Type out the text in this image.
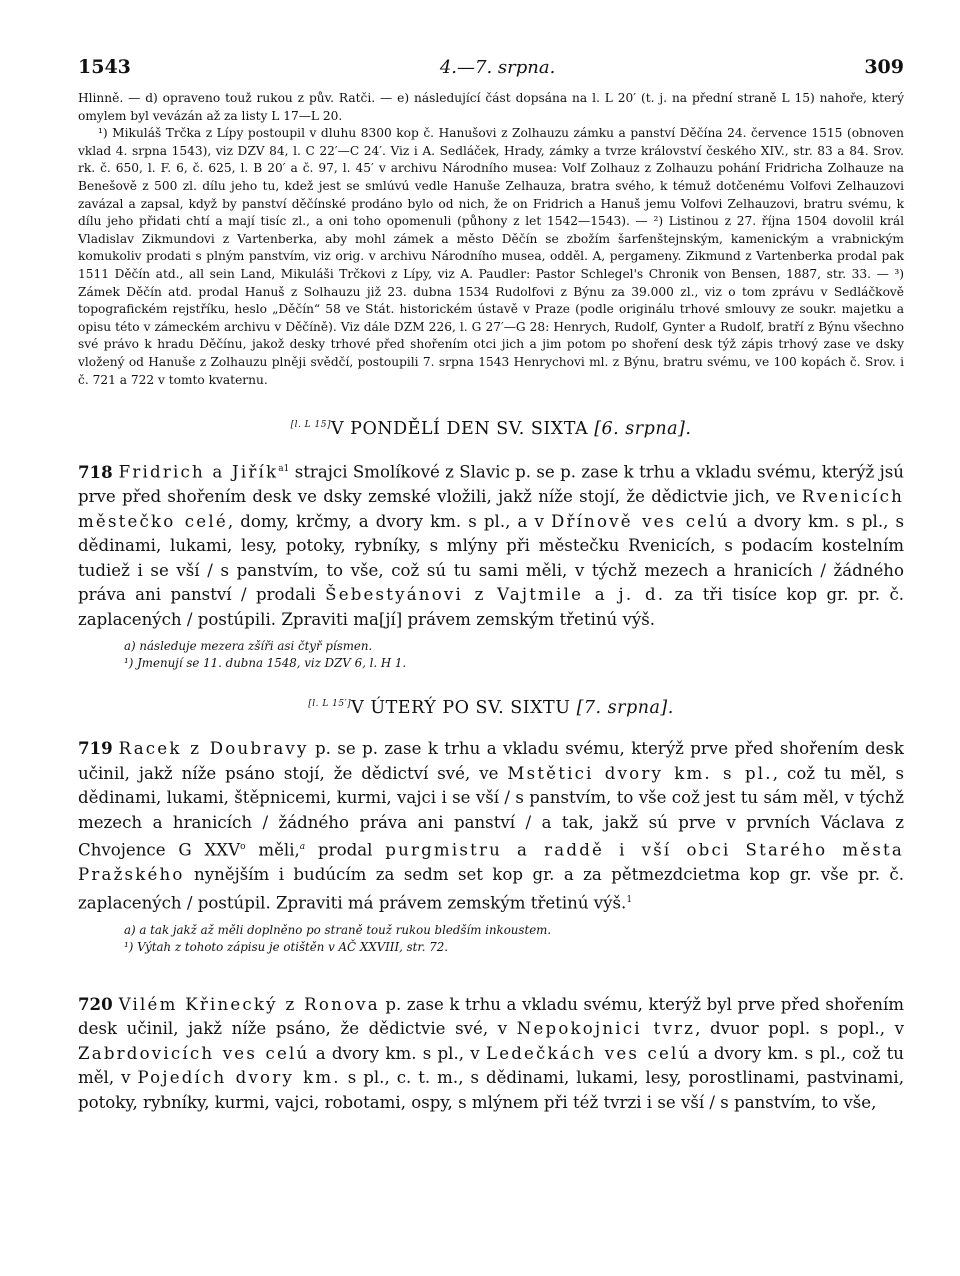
1543	4.—7. srpna.	309

Hlinně. — d) opraveno touž rukou z pův. Ratči. — e) následující část dopsána na l. L 20′ (t. j. na přední straně L 15) nahoře, který omylem byl vevázán až za listy L 17—L 20.

¹) Mikuláš Trčka z Lípy postoupil v dluhu 8300 kop č. Hanušovi z Zolhauzu zámku a panství Děčína 24. července 1515 (obnoven vklad 4. srpna 1543), viz DZV 84, l. C 22′—C 24′. Viz i A. Sedláček, Hrady, zámky a tvrze království českého XIV., str. 83 a 84. Srov. rk. č. 650, l. F. 6, č. 625, l. B 20′ a č. 97, l. 45′ v archivu Národního musea: Volf Zolhauz z Zolhauzu pohání Fridricha Zolhauze na Benešově z 500 zl. dílu jeho tu, kdež jest se smlúvú vedle Hanuše Zelhauza, bratra svého, k témuž dotčenému Volfovi Zelhauzovi zavázal a zapsal, když by panství děčínské prodáno bylo od nich, že on Fridrich a Hanuš jemu Volfovi Zelhauzovi, bratru svému, k dílu jeho přidati chtí a mají tisíc zl., a oni toho opomenuli (půhony z let 1542—1543). — ²) Listinou z 27. října 1504 dovolil král Vladislav Zikmundovi z Vartenberka, aby mohl zámek a město Děčín se zbožím šarfenštejnským, kamenickým a vrabnickým komukoliv prodati s plným panstvím, viz orig. v archivu Národního musea, odděl. A, pergameny. Zikmund z Vartenberka prodal pak 1511 Děčín atd., all sein Land, Mikuláši Trčkovi z Lípy, viz A. Paudler: Pastor Schlegel's Chronik von Bensen, 1887, str. 33. — ³) Zámek Děčín atd. prodal Hanuš z Solhauzu již 23. dubna 1534 Rudolfovi z Býnu za 39.000 zl., viz o tom zprávu v Sedláčkově topografickém rejstříku, heslo „Děčín“ 58 ve Stát. historickém ústavě v Praze (podle originálu trhové smlouvy ze soukr. majetku a opisu této v zámeckém archivu v Děčíně). Viz dále DZM 226, l. G 27′—G 28: Henrych, Rudolf, Gynter a Rudolf, bratří z Býnu všechno své právo k hradu Děčínu, jakož desky trhové před shořením otci jich a jim potom po shoření desk týž zápis trhový zase ve dsky vložený od Hanuše z Zolhauzu plněji svědčí, postoupili 7. srpna 1543 Henrychovi ml. z Býnu, bratru svému, ve 100 kopách č. Srov. i č. 721 a 722 v tomto kvaternu.

[l. L 15]V PONDĚLÍ DEN SV. SIXTA [6. srpna].

718 Fridrich a Jiřík$^{a1}$ strajci Smolíkové z Slavic p. se p. zase k trhu a vkladu svému, kterýž jsú prve před shořením desk ve dsky zemské vložili, jakž níže stojí, že dědictvie jich, ve Rvenicích městečko celé, domy, krčmy, a dvory km. s pl., a v Dřínově ves celú a dvory km. s pl., s dědinami, lukami, lesy, potoky, rybníky, s mlýny při městečku Rvenicích, s podacím kostelním tudiež i se vší / s panstvím, to vše, což sú tu sami měli, v týchž mezech a hranicích / žádného práva ani panství / prodali Šebestyánovi z Vajtmile a j. d. za tři tisíce kop gr. pr. č. zaplacených / postúpili. Zpraviti ma[jí] právem zemským třetinú výš.

a) následuje mezera zšíři asi čtyř písmen.

¹) Jmenují se 11. dubna 1548, viz DZV 6, l. H 1.

[l. L 15′]V ÚTERÝ PO SV. SIXTU [7. srpna].

719 Racek z Doubravy p. se p. zase k trhu a vkladu svému, kterýž prve před shořením desk učinil, jakž níže psáno stojí, že dědictví své, ve Mstětici dvory km. s pl., což tu měl, s dědinami, lukami, štěpnicemi, kurmi, vajci i se vší / s panstvím, to vše což jest tu sám měl, v týchž mezech a hranicích / žádného práva ani panství / a tak, jakž sú prve v prvních Václava z Chvojence G XXV$^o$ měli,$^a$ prodal purgmistru a raddě i vší obci Starého města Pražského nynějším i budúcím za sedm set kop gr. a za pětmezdcietma kop gr. vše pr. č. zaplacených / postúpil. Zpraviti má právem zemským třetinú výš.$^1$

a) a tak jakž až měli doplněno po straně touž rukou bledším inkoustem.

¹) Výtah z tohoto zápisu je otištěn v AČ XXVIII, str. 72.

720 Vilém Křinecký z Ronova p. zase k trhu a vkladu svému, kterýž byl prve před shořením desk učinil, jakž níže psáno, že dědictvie své, v Nepokojnici tvrz, dvuor popl. s popl., v Zabrdovicích ves celú a dvory km. s pl., v Ledečkách ves celú a dvory km. s pl., což tu měl, v Pojedích dvory km. s pl., c. t. m., s dědinami, lukami, lesy, porostlinami, pastvinami, potoky, rybníky, kurmi, vajci, robotami, ospy, s mlýnem při též tvrzi i se vší / s panstvím, to vše,
